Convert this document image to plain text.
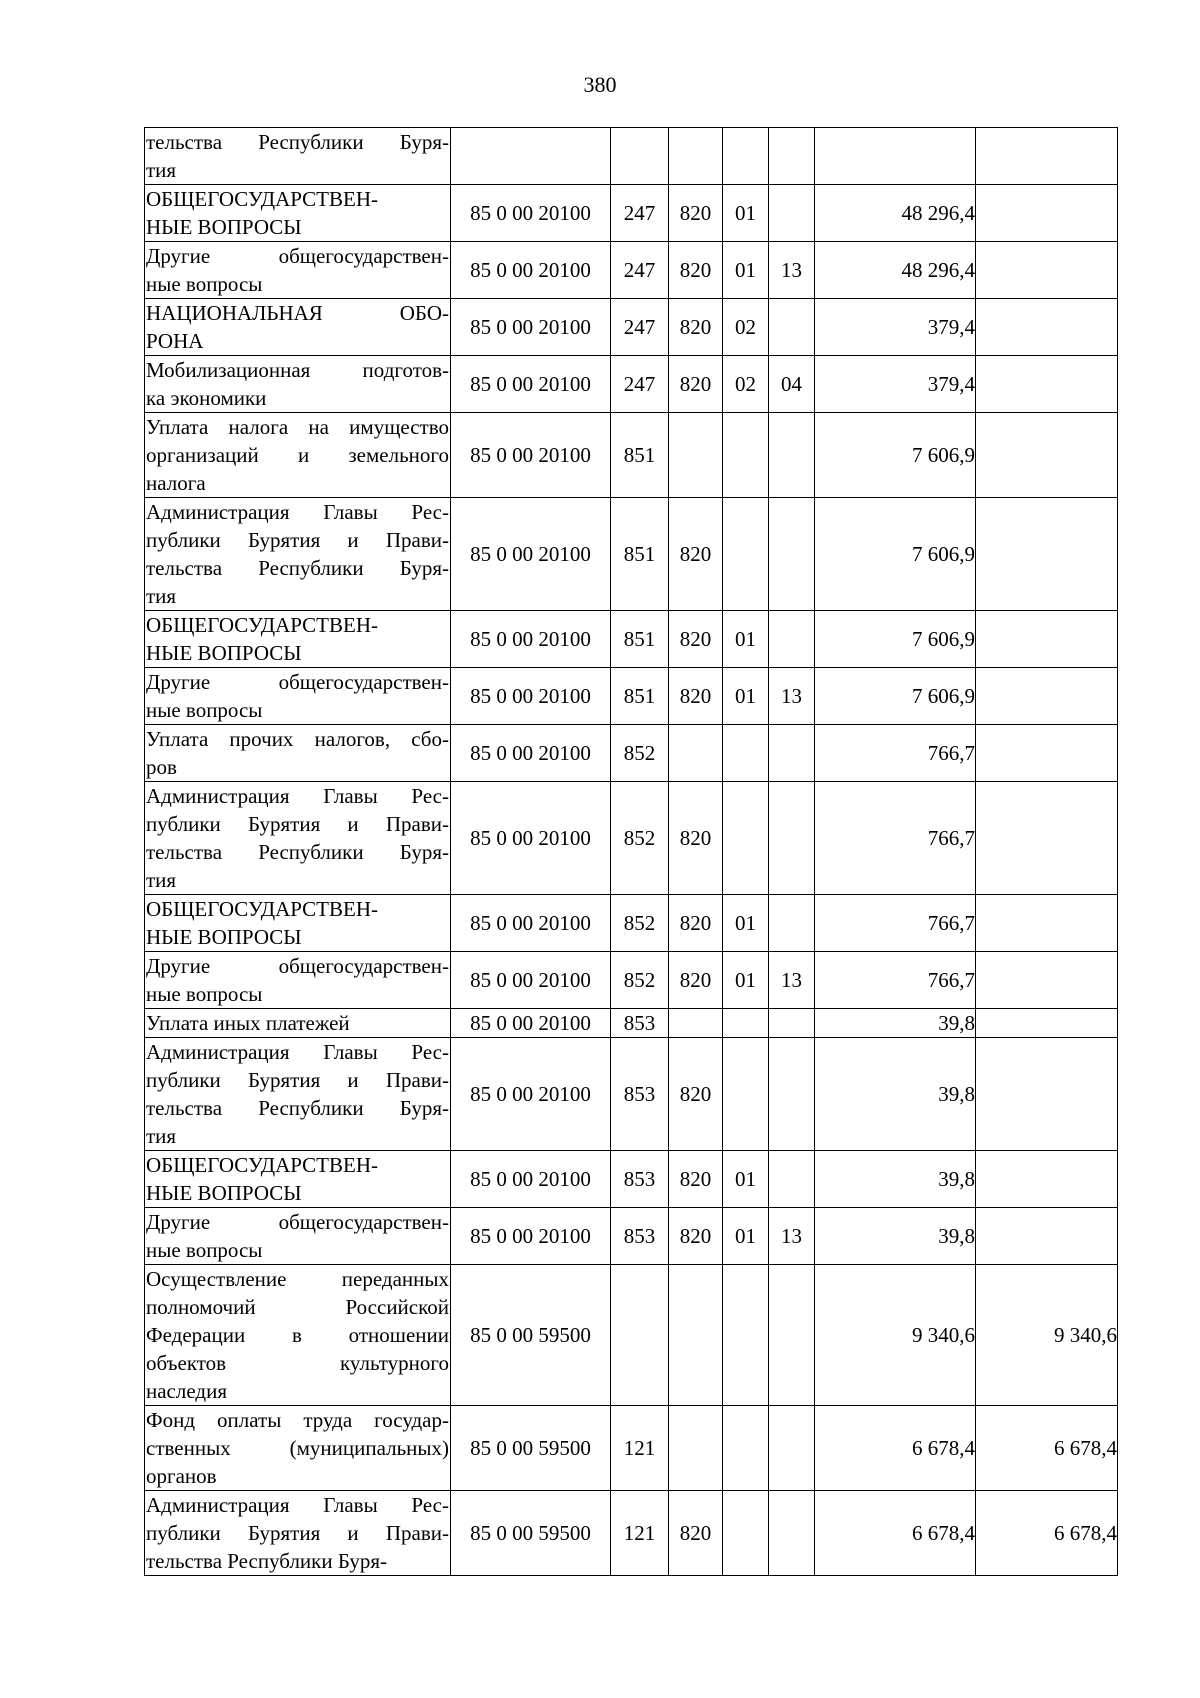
380
тельства Республики Буря-
тия							

ОБЩЕГОСУДАРСТВЕН-
НЫЕ ВОПРОСЫ	85 0 00 20100	247	820	01		48 296,4	

Другие общегосударствен-
ные вопросы	85 0 00 20100	247	820	01	13	48 296,4	

НАЦИОНАЛЬНАЯ ОБО-
РОНА	85 0 00 20100	247	820	02		379,4	

Мобилизационная подготов-
ка экономики	85 0 00 20100	247	820	02	04	379,4	

Уплата налога на имущество
организаций и земельного
налога	85 0 00 20100	851				7 606,9	

Администрация Главы Рес-
публики Бурятия и Прави-
тельства Республики Буря-
тия	85 0 00 20100	851	820			7 606,9	

ОБЩЕГОСУДАРСТВЕН-
НЫЕ ВОПРОСЫ	85 0 00 20100	851	820	01		7 606,9	

Другие общегосударствен-
ные вопросы	85 0 00 20100	851	820	01	13	7 606,9	

Уплата прочих налогов, сбо-
ров	85 0 00 20100	852				766,7	

Администрация Главы Рес-
публики Бурятия и Прави-
тельства Республики Буря-
тия	85 0 00 20100	852	820			766,7	

ОБЩЕГОСУДАРСТВЕН-
НЫЕ ВОПРОСЫ	85 0 00 20100	852	820	01		766,7	

Другие общегосударствен-
ные вопросы	85 0 00 20100	852	820	01	13	766,7	

Уплата иных платежей	85 0 00 20100	853				39,8	

Администрация Главы Рес-
публики Бурятия и Прави-
тельства Республики Буря-
тия	85 0 00 20100	853	820			39,8	

ОБЩЕГОСУДАРСТВЕН-
НЫЕ ВОПРОСЫ	85 0 00 20100	853	820	01		39,8	

Другие общегосударствен-
ные вопросы	85 0 00 20100	853	820	01	13	39,8	

Осуществление переданных
полномочий Российской
Федерации в отношении
объектов культурного
наследия	85 0 00 59500					9 340,6	9 340,6

Фонд оплаты труда государ-
ственных (муниципальных)
органов	85 0 00 59500	121				6 678,4	6 678,4

Администрация Главы Рес-
публики Бурятия и Прави-
тельства Республики Буря-	85 0 00 59500	121	820			6 678,4	6 678,4
